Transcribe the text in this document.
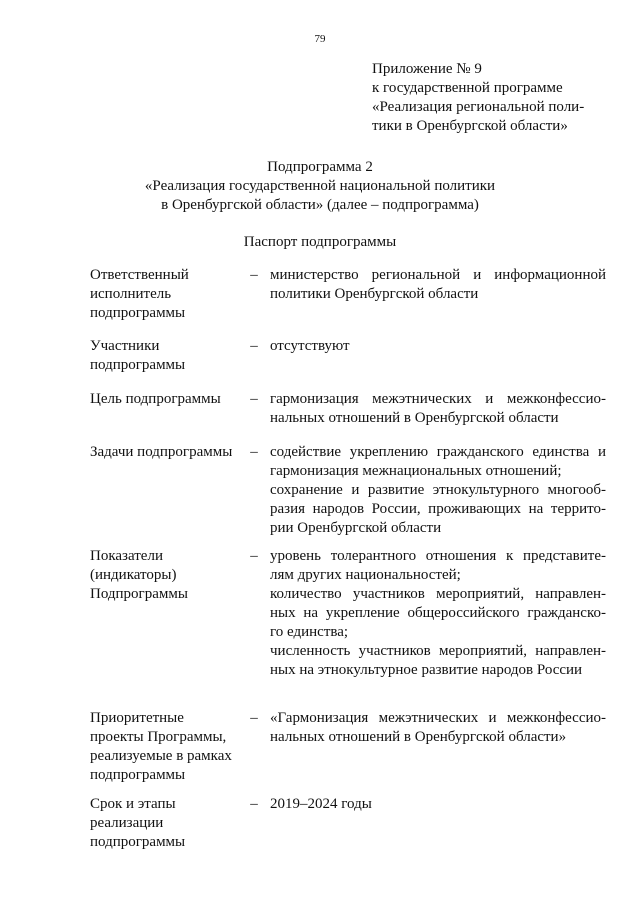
79
Приложение № 9
к государственной программе
«Реализация региональной поли-
тики в Оренбургской области»
Подпрограмма 2
«Реализация государственной национальной политики
в Оренбургской области» (далее – подпрограмма)
Паспорт подпрограммы
Ответственный
исполнитель
подпрограммы
– министерство региональной и информационной
политики Оренбургской области
Участники
подпрограммы
– отсутствуют
Цель подпрограммы	– гармонизация межэтнических и межконфессио-
нальных отношений в Оренбургской области
Задачи подпрограммы	– содействие укреплению гражданского единства и
гармонизация межнациональных отношений;
сохранение и развитие этнокультурного многооб-
разия народов России, проживающих на террито-
рии Оренбургской области
Показатели
(индикаторы)
Подпрограммы
– уровень толерантного отношения к представите-
лям других национальностей;
количество участников мероприятий, направлен-
ных на укрепление общероссийского гражданско-
го единства;
численность участников мероприятий, направлен-
ных на этнокультурное развитие народов России
Приоритетные
проекты Программы,
реализуемые в рамках
подпрограммы
– «Гармонизация межэтнических и межконфессио-
нальных отношений в Оренбургской области»
Срок и этапы
реализации
подпрограммы
– 2019–2024 годы
